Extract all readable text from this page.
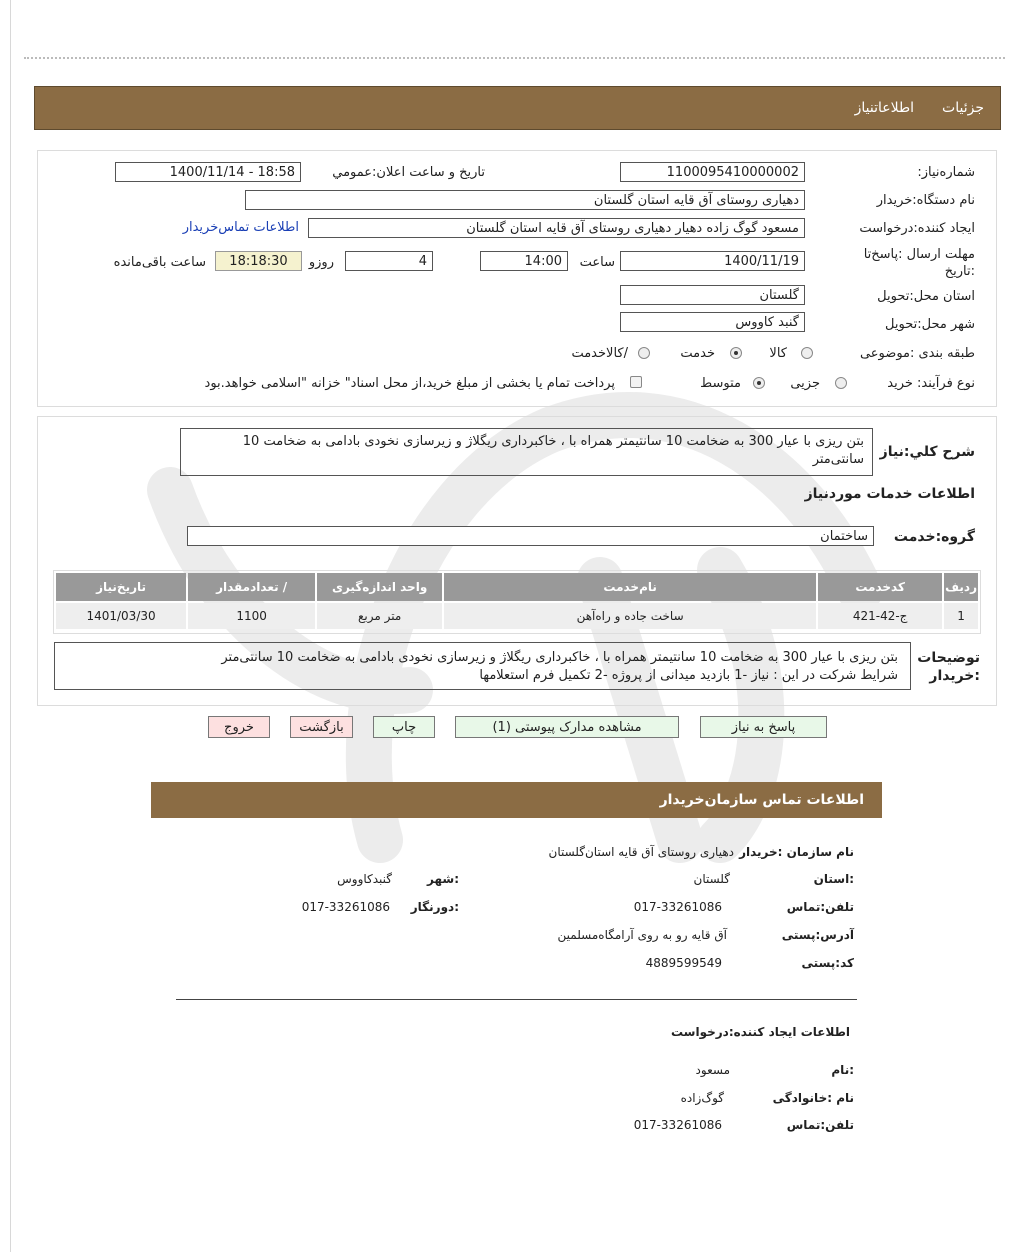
جزئیات
اطلاعاتنیاز
شماره‌نیاز:
1100095410000002
تاریخ و ساعت اعلان:عمومي
1400/11/14 - 18:58
نام دستگاه:خریدار
دهیاری روستای آق قایه استان گلستان
ایجاد کننده:درخواست
مسعود گوگ زاده دهیار دهیاری روستای آق قایه استان گلستان
اطلاعات تماس‌خریدار
مهلت ارسال :پاسخ‌تا
:تاریخ
1400/11/19
ساعت
14:00
4
روزو
18:18:30
ساعت باقی‌مانده
استان محل:تحویل
گلستان
شهر محل:تحویل
گنبد کاووس
طبقه بندی :موضوعی
کالا
خدمت
/کالاخدمت
نوع فرآیند: خرید
جزیی
متوسط
پرداخت تمام یا بخشی از مبلغ خرید،از محل اسناد" خزانه "اسلامی خواهد.بود
شرح کلي:نیاز
بتن ریزی با عیار 300 به ضخامت 10 سانتیمتر همراه با ، خاکبرداری ریگلاژ و زیرسازی نخودی بادامی به ضخامت 10 سانتی‌متر
اطلاعات خدمات موردنیاز
گروه:خدمت
ساختمان
ردیف	کدخدمت	نام‌خدمت	واحد اندازه‌گیری	/ تعدادمقدار	تاریخ‌نیاز
1	ج-42-421	ساخت جاده و راه‌آهن	متر مربع	1100	1401/03/30
توضیحات
:خریدار
بتن ریزی با عیار 300 به ضخامت 10 سانتیمتر همراه با ، خاکبرداری ریگلاژ و زیرسازی نخودی بادامی به ضخامت 10 سانتی‌متر
شرایط شرکت در این : نیاز -1 بازدید میدانی از پروژه -2 تکمیل فرم استعلامها
پاسخ به نیاز
مشاهده مدارک پیوستی (1)
چاپ
بازگشت
خروج
اطلاعات تماس سازمان‌خریدار
نام سازمان :خریدار
دهیاری روستای آق قایه استان‌گلستان
:استان
گلستان
:شهر
گنبدکاووس
تلفن:تماس
017-33261086
:دورنگار
017-33261086
آدرس:پستی
آق قایه رو به روی آرامگاه‌مسلمین
کد:پستی
4889599549
اطلاعات ایجاد کننده:درخواست
:نام
مسعود
نام :خانوادگی
گوگ‌زاده
تلفن:تماس
017-33261086
